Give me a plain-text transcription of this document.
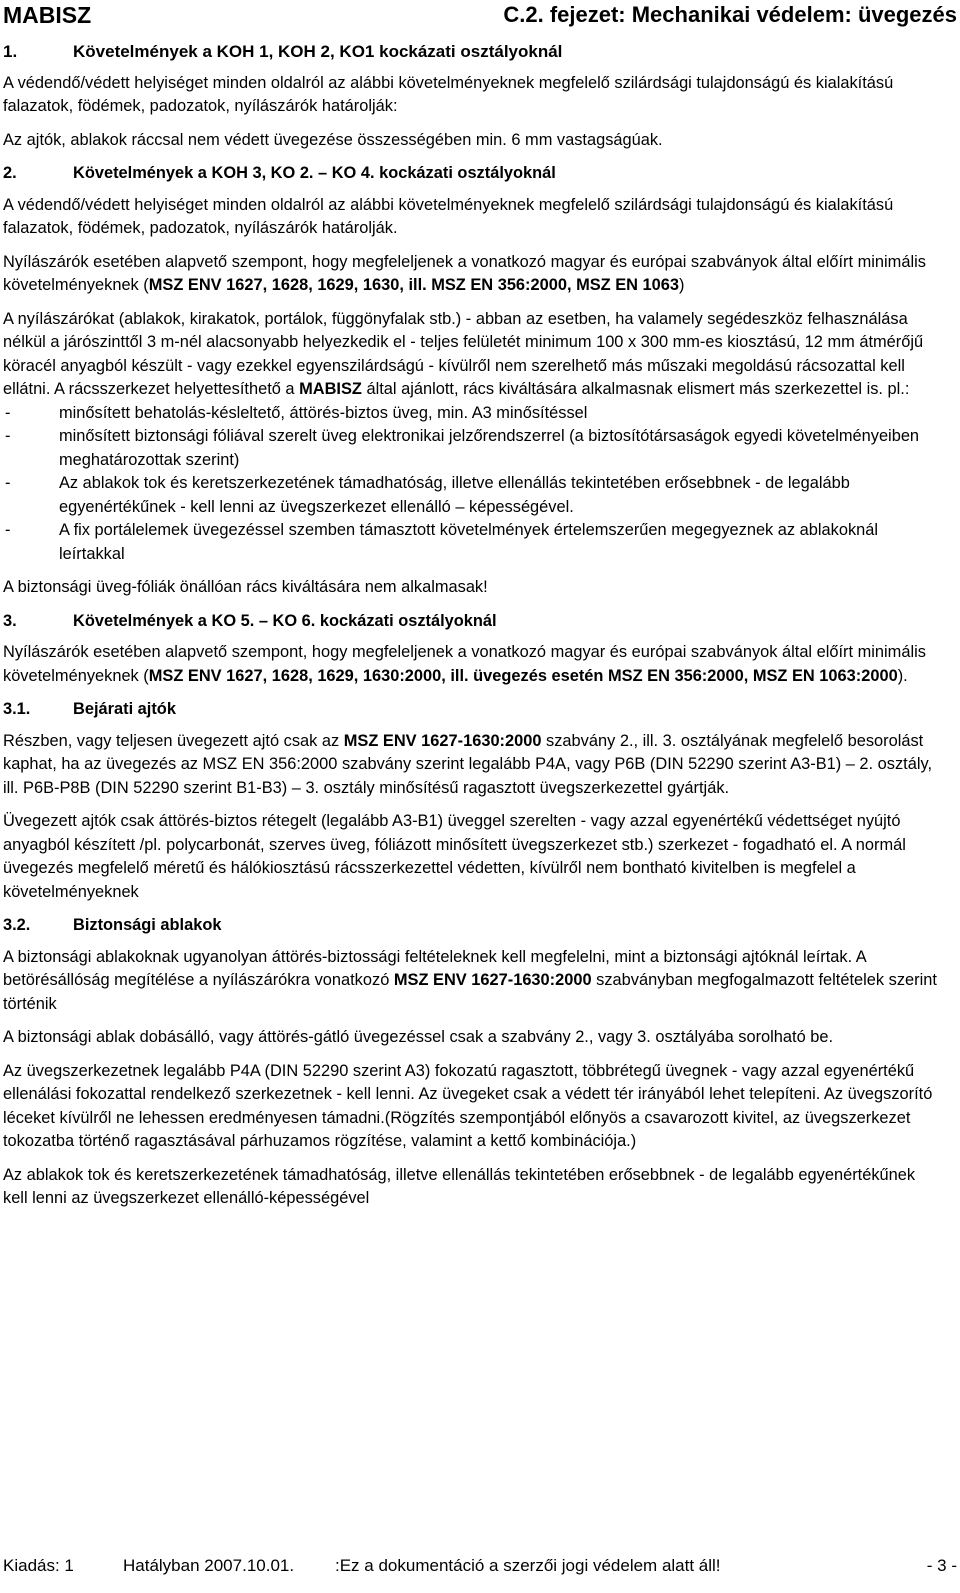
MABISZ	C.2. fejezet: Mechanikai védelem: üvegezés
1.	Követelmények a KOH 1, KOH 2, KO1 kockázati osztályoknál

A védendő/védett helyiséget minden oldalról az alábbi követelményeknek megfelelő szilárdsági tulajdonságú és kialakítású falazatok, födémek, padozatok, nyílászárók határolják:

Az ajtók, ablakok ráccsal nem védett üvegezése összességében min. 6 mm vastagságúak.

2.	Követelmények a KOH 3, KO 2. – KO 4. kockázati osztályoknál

A védendő/védett helyiséget minden oldalról az alábbi követelményeknek megfelelő szilárdsági tulajdonságú és kialakítású falazatok, födémek, padozatok, nyílászárók határolják.

Nyílászárók esetében alapvető szempont, hogy megfeleljenek a vonatkozó magyar és európai szabványok által előírt minimális követelményeknek (MSZ ENV 1627, 1628, 1629, 1630, ill. MSZ EN 356:2000, MSZ EN 1063)

A nyílászárókat (ablakok, kirakatok, portálok, függönyfalak stb.) - abban az esetben, ha valamely segédeszköz felhasználása nélkül a járószinttől 3 m-nél alacsonyabb helyezkedik el - teljes felületét minimum 100 x 300 mm-es kiosztású, 12 mm átmérőjű köracél anyagból készült - vagy ezekkel egyenszilárdságú - kívülről nem szerelhető más műszaki megoldású rácsozattal kell ellátni. A rácsszerkezet helyettesíthető a MABISZ által ajánlott, rács kiváltására alkalmasnak elismert más szerkezettel is. pl.:

- minősített behatolás-késleltető, áttörés-biztos üveg, min. A3 minősítéssel
- minősített biztonsági fóliával szerelt üveg elektronikai jelzőrendszerrel (a biztosítótársaságok egyedi követelményeiben meghatározottak szerint)
- Az ablakok tok és keretszerkezetének támadhatóság, illetve ellenállás tekintetében erősebbnek - de legalább egyenértékűnek - kell lenni az üvegszerkezet ellenálló – képességével.
- A fix portálelemek üvegezéssel szemben támasztott követelmények értelemszerűen megegyeznek az ablakoknál leírtakkal

A biztonsági üveg-fóliák önállóan rács kiváltására nem alkalmasak!

3.	Követelmények a KO 5. – KO 6. kockázati osztályoknál

Nyílászárók esetében alapvető szempont, hogy megfeleljenek a vonatkozó magyar és európai szabványok által előírt minimális követelményeknek (MSZ ENV 1627, 1628, 1629, 1630:2000, ill. üvegezés esetén MSZ EN 356:2000, MSZ EN 1063:2000).

3.1.	Bejárati ajtók

Részben, vagy teljesen üvegezett ajtó csak az MSZ ENV 1627-1630:2000 szabvány 2., ill. 3. osztályának megfelelő besorolást kaphat, ha az üvegezés az MSZ EN 356:2000 szabvány szerint legalább P4A, vagy P6B (DIN 52290 szerint A3-B1) – 2. osztály, ill. P6B-P8B (DIN 52290 szerint B1-B3) – 3. osztály minősítésű ragasztott üvegszerkezettel gyártják.

Üvegezett ajtók csak áttörés-biztos rétegelt (legalább A3-B1) üveggel szerelten - vagy azzal egyenértékű védettséget nyújtó anyagból készített /pl. polycarbonát, szerves üveg, fóliázott minősített üvegszerkezet stb.) szerkezet - fogadható el. A normál üvegezés megfelelő méretű és hálókiosztású rácsszerkezettel védetten, kívülről nem bontható kivitelben is megfelel a követelményeknek

3.2.	Biztonsági ablakok

A biztonsági ablakoknak ugyanolyan áttörés-biztossági feltételeknek kell megfelelni, mint a biztonsági ajtóknál leírtak. A betörésállóság megítélése a nyílászárókra vonatkozó MSZ ENV 1627-1630:2000 szabványban megfogalmazott feltételek szerint történik

A biztonsági ablak dobásálló, vagy áttörés-gátló üvegezéssel csak a szabvány 2., vagy 3. osztályába sorolható be.

Az üvegszerkezetnek legalább P4A (DIN 52290 szerint A3) fokozatú ragasztott, többrétegű üvegnek - vagy azzal egyenértékű ellenálási fokozattal rendelkező szerkezetnek - kell lenni. Az üvegeket csak a védett tér irányából lehet telepíteni. Az üvegszorító léceket kívülről ne lehessen eredményesen támadni.(Rögzítés szempontjából előnyös a csavarozott kivitel, az üvegszerkezet tokozatba történő ragasztásával párhuzamos rögzítése, valamint a kettő kombinációja.)

Az ablakok tok és keretszerkezetének támadhatóság, illetve ellenállás tekintetében erősebbnek - de legalább egyenértékűnek kell lenni az üvegszerkezet ellenálló-képességével

Kiadás: 1	Hatályban 2007.10.01. :Ez a dokumentáció a szerzői jogi védelem alatt áll!	- 3 -
